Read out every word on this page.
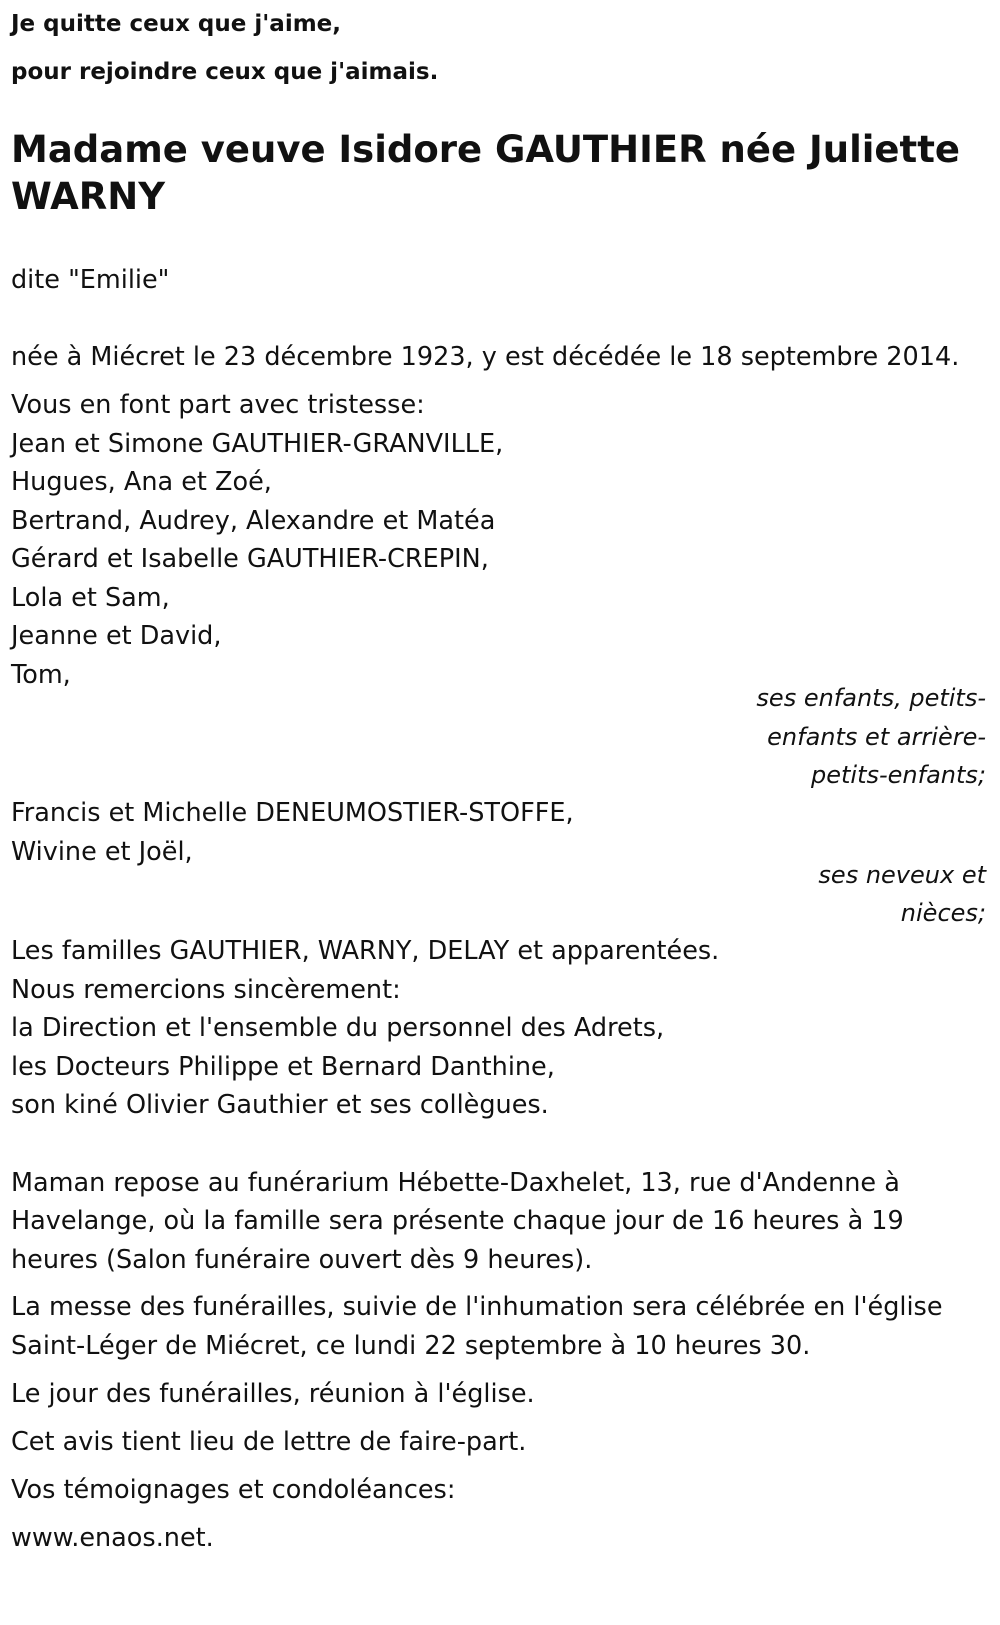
Je quitte ceux que j'aime,
pour rejoindre ceux que j'aimais.
Madame veuve Isidore GAUTHIER née Juliette
WARNY
dite "Emilie"
née à Miécret le 23 décembre 1923, y est décédée le 18 septembre 2014.
Vous en font part avec tristesse:
Jean et Simone GAUTHIER-GRANVILLE,
Hugues, Ana et Zoé,
Bertrand, Audrey, Alexandre et Matéa
Gérard et Isabelle GAUTHIER-CREPIN,
Lola et Sam,
Jeanne et David,
Tom,
ses enfants, petits-
enfants et arrière-
petits-enfants;
Francis et Michelle DENEUMOSTIER-STOFFE,
Wivine et Joël,
ses neveux et
nièces;
Les familles GAUTHIER, WARNY, DELAY et apparentées.
Nous remercions sincèrement:
la Direction et l'ensemble du personnel des Adrets,
les Docteurs Philippe et Bernard Danthine,
son kiné Olivier Gauthier et ses collègues.
Maman repose au funérarium Hébette-Daxhelet, 13, rue d'Andenne à
Havelange, où la famille sera présente chaque jour de 16 heures à 19
heures (Salon funéraire ouvert dès 9 heures).
La messe des funérailles, suivie de l'inhumation sera célébrée en l'église
Saint-Léger de Miécret, ce lundi 22 septembre à 10 heures 30.
Le jour des funérailles, réunion à l'église.
Cet avis tient lieu de lettre de faire-part.
Vos témoignages et condoléances:
www.enaos.net.
